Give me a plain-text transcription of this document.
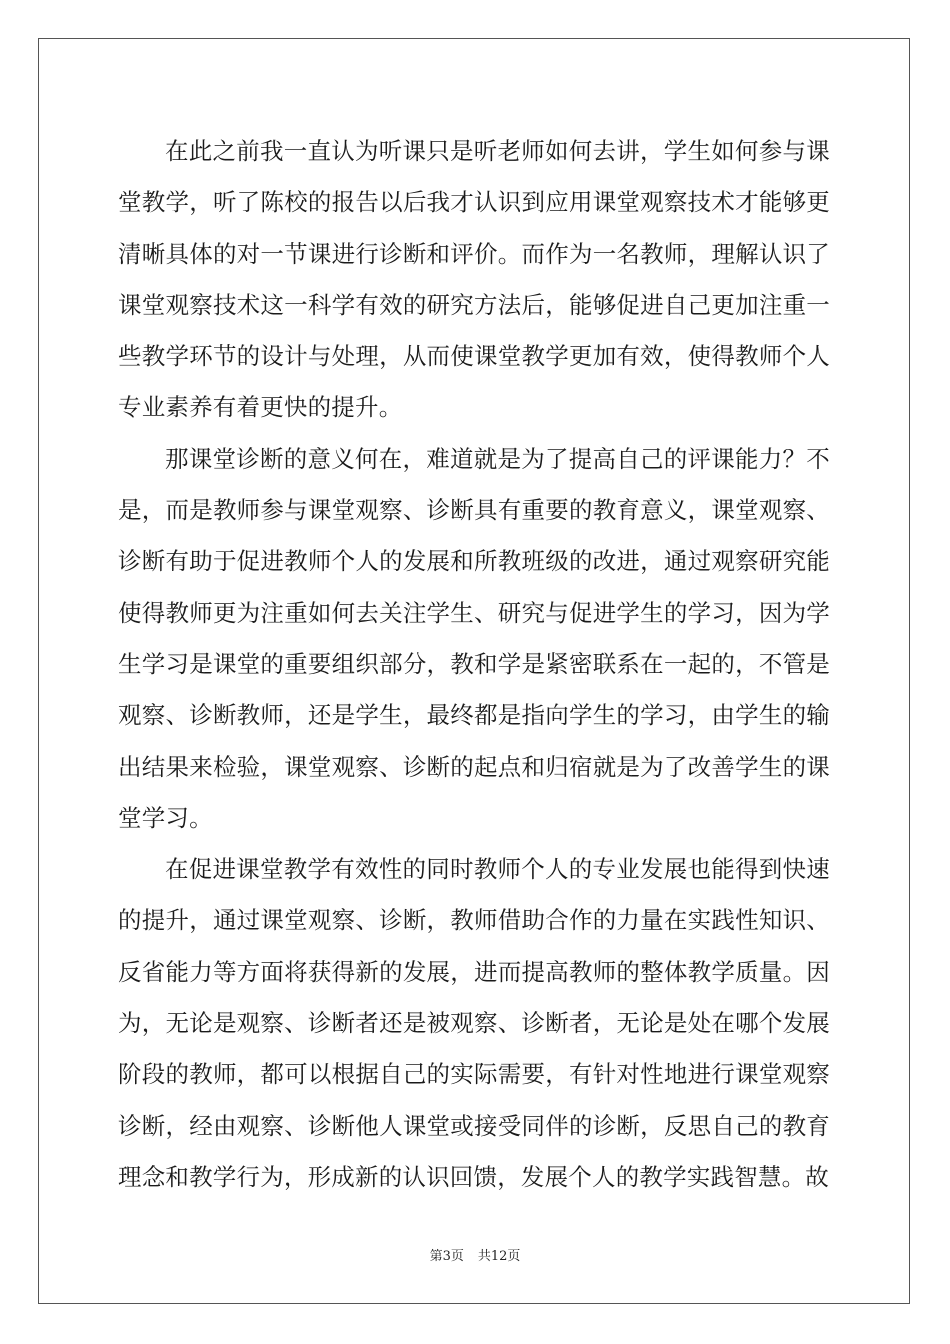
在此之前我一直认为听课只是听老师如何去讲，学生如何参与课堂教学，听了陈校的报告以后我才认识到应用课堂观察技术才能够更清晰具体的对一节课进行诊断和评价。而作为一名教师，理解认识了课堂观察技术这一科学有效的研究方法后，能够促进自己更加注重一些教学环节的设计与处理，从而使课堂教学更加有效，使得教师个人专业素养有着更快的提升。

那课堂诊断的意义何在，难道就是为了提高自己的评课能力？不是，而是教师参与课堂观察、诊断具有重要的教育意义，课堂观察、诊断有助于促进教师个人的发展和所教班级的改进，通过观察研究能使得教师更为注重如何去关注学生、研究与促进学生的学习，因为学生学习是课堂的重要组织部分，教和学是紧密联系在一起的，不管是观察、诊断教师，还是学生，最终都是指向学生的学习，由学生的输出结果来检验，课堂观察、诊断的起点和归宿就是为了改善学生的课堂学习。

在促进课堂教学有效性的同时教师个人的专业发展也能得到快速的提升，通过课堂观察、诊断，教师借助合作的力量在实践性知识、反省能力等方面将获得新的发展，进而提高教师的整体教学质量。因为，无论是观察、诊断者还是被观察、诊断者，无论是处在哪个发展阶段的教师，都可以根据自己的实际需要，有针对性地进行课堂观察诊断，经由观察、诊断他人课堂或接受同伴的诊断，反思自己的教育理念和教学行为，形成新的认识回馈，发展个人的教学实践智慧。故

第3页 共12页
